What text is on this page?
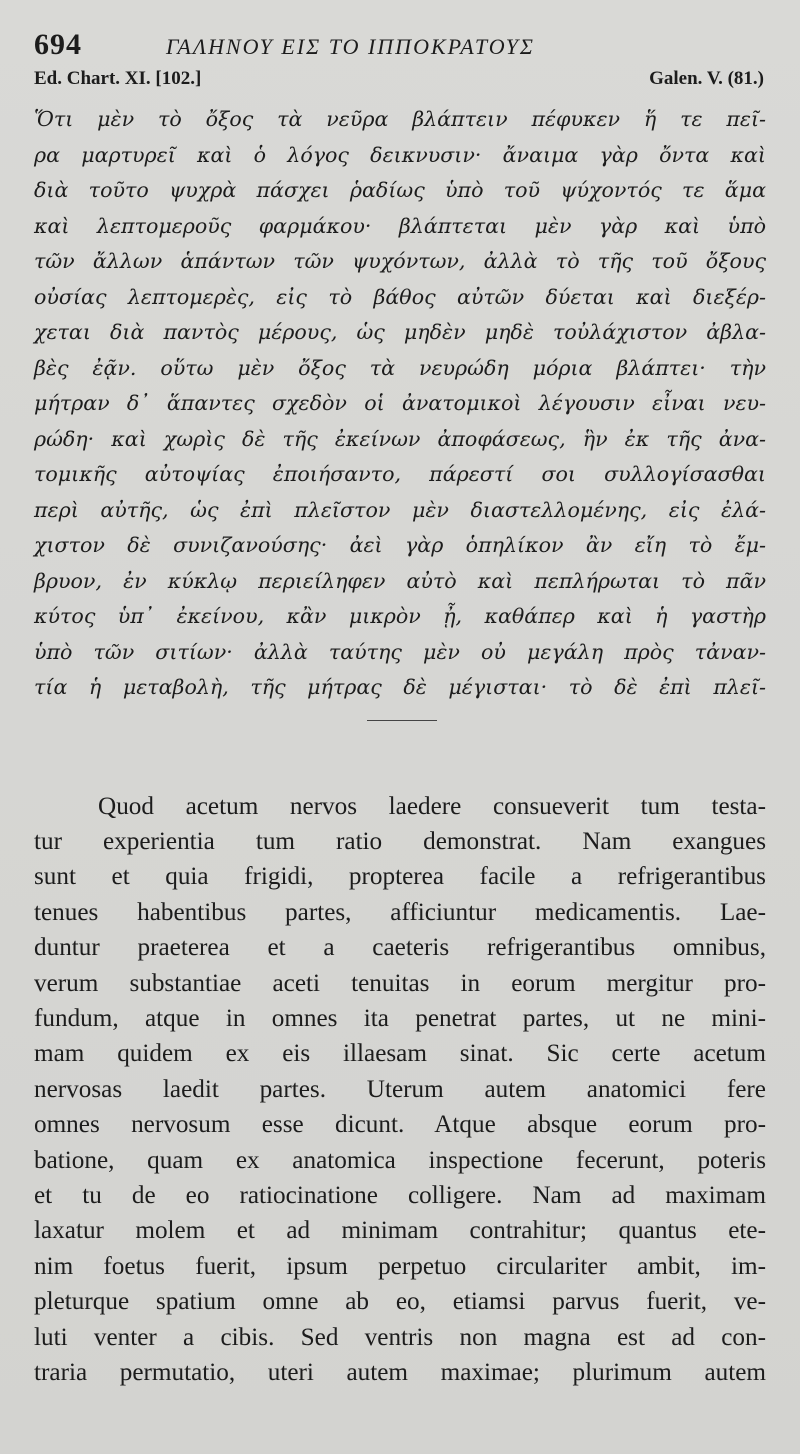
694	ΓΑΛΗΝΟΥ ΕΙΣ ΤΟ ΙΠΠΟΚΡΑΤΟΥΣ
Ed. Chart. XI. [102.]	Galen. V. (81.)
Ὅτι μὲν τὸ ὄξος τὰ νεῦρα βλάπτειν πέφυκεν ἥ τε πεῖ-
ρα μαρτυρεῖ καὶ ὁ λόγος δεικνυσιν· ἄναιμα γὰρ ὄντα καὶ
διὰ τοῦτο ψυχρὰ πάσχει ῥαδίως ὑπὸ τοῦ ψύχοντός τε ἅμα
καὶ λεπτομεροῦς φαρμάκου· βλάπτεται μὲν γὰρ καὶ ὑπὸ
τῶν ἄλλων ἁπάντων τῶν ψυχόντων, ἀλλὰ τὸ τῆς τοῦ ὄξους
οὐσίας λεπτομερὲς, εἰς τὸ βάθος αὐτῶν δύεται καὶ διεξέρ-
χεται διὰ παντὸς μέρους, ὡς μηδὲν μηδὲ τοὐλάχιστον ἀβλα-
βὲς ἐᾷν. οὕτω μὲν ὄξος τὰ νευρώδη μόρια βλάπτει· τὴν
μήτραν δ᾽ ἅπαντες σχεδὸν οἱ ἀνατομικοὶ λέγουσιν εἶναι νευ-
ρώδη· καὶ χωρὶς δὲ τῆς ἐκείνων ἀποφάσεως, ἣν ἐκ τῆς ἀνα-
τομικῆς αὐτοψίας ἐποιήσαντο, πάρεστί σοι συλλογίσασθαι
περὶ αὐτῆς, ὡς ἐπὶ πλεῖστον μὲν διαστελλομένης, εἰς ἐλά-
χιστον δὲ συνιζανούσης· ἀεὶ γὰρ ὁπηλίκον ἂν εἴη τὸ ἔμ-
βρυον, ἐν κύκλῳ περιείληφεν αὐτὸ καὶ πεπλήρωται τὸ πᾶν
κύτος ὑπ᾽ ἐκείνου, κἂν μικρὸν ᾖ, καθάπερ καὶ ἡ γαστὴρ
ὑπὸ τῶν σιτίων· ἀλλὰ ταύτης μὲν οὐ μεγάλη πρὸς τἀναν-
τία ἡ μεταβολὴ, τῆς μήτρας δὲ μέγισται· τὸ δὲ ἐπὶ πλεῖ-
Quod acetum nervos laedere consueverit tum testa-
tur experientia tum ratio demonstrat. Nam exangues
sunt et quia frigidi, propterea facile a refrigerantibus
tenues habentibus partes, afficiuntur medicamentis. Lae-
duntur praeterea et a caeteris refrigerantibus omnibus,
verum substantiae aceti tenuitas in eorum mergitur pro-
fundum, atque in omnes ita penetrat partes, ut ne mini-
mam quidem ex eis illaesam sinat. Sic certe acetum
nervosas laedit partes. Uterum autem anatomici fere
omnes nervosum esse dicunt. Atque absque eorum pro-
batione, quam ex anatomica inspectione fecerunt, poteris
et tu de eo ratiocinatione colligere. Nam ad maximam
laxatur molem et ad minimam contrahitur; quantus ete-
nim foetus fuerit, ipsum perpetuo circulariter ambit, im-
pleturque spatium omne ab eo, etiamsi parvus fuerit, ve-
luti venter a cibis. Sed ventris non magna est ad con-
traria permutatio, uteri autem maximae; plurimum autem
